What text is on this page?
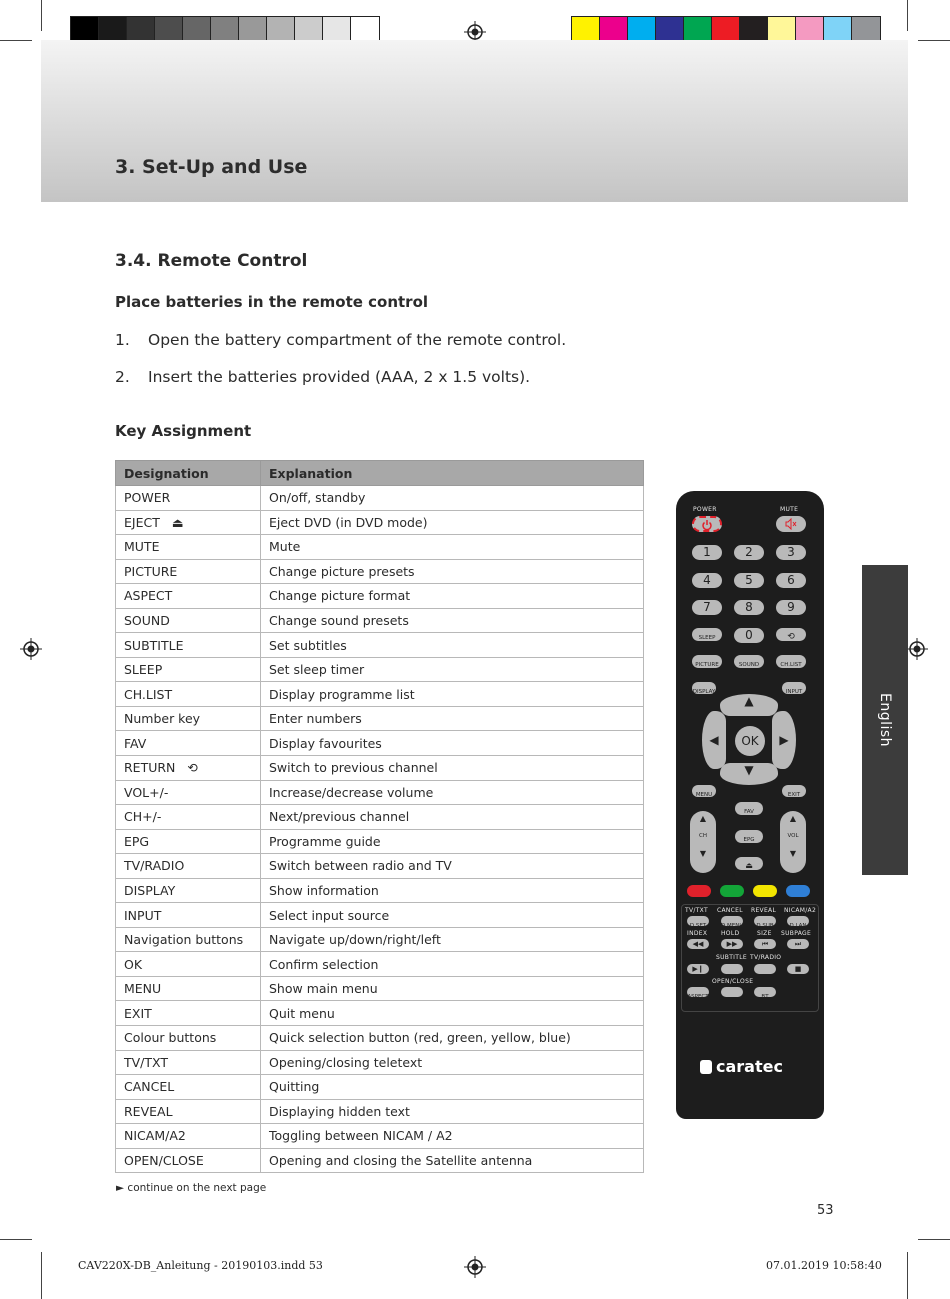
3. Set-Up and Use
3.4. Remote Control
Place batteries in the remote control
1. Open the battery compartment of the remote control.
2. Insert the batteries provided (AAA, 2 x 1.5 volts).
Key Assignment
Designation	Explanation
POWER	On/off, standby
EJECT ⏏	Eject DVD (in DVD mode)
MUTE	Mute
PICTURE	Change picture presets
ASPECT	Change picture format
SOUND	Change sound presets
SUBTITLE	Set subtitles
SLEEP	Set sleep timer
CH.LIST	Display programme list
Number key	Enter numbers
FAV	Display favourites
RETURN ⟲	Switch to previous channel
VOL+/-	Increase/decrease volume
CH+/-	Next/previous channel
EPG	Programme guide
TV/RADIO	Switch between radio and TV
DISPLAY	Show information
INPUT	Select input source
Navigation buttons	Navigate up/down/right/left
OK	Confirm selection
MENU	Show main menu
EXIT	Quit menu
Colour buttons	Quick selection button (red, green, yellow, blue)
TV/TXT	Opening/closing teletext
CANCEL	Quitting
REVEAL	Displaying hidden text
NICAM/A2	Toggling between NICAM / A2
OPEN/CLOSE	Opening and closing the Satellite antenna
► continue on the next page
53
English
CAV220X-DB_Anleitung - 20190103.indd 53	07.01.2019 10:58:40
POWER	MUTE
1	2	3
4	5	6
7	8	9
0
SLEEP	⟲
PICTURE	SOUND	CH.LIST
DISPLAY	INPUT
▲
▼
◀	▶
OK
MENU	EXIT
▲
CH
▼
▲
VOL
▼
FAV
EPG
⏏
TV/TXT CANCEL REVEAL NICAM/A2
D.SET	D.MENU	D.SUB	D.LAN
INDEX HOLD	SIZE SUBPAGE
◀◀	▶▶	⏮	⏭
SUBTITLE TV/RADIO
▶❙	■
OPEN/CLOSE
ASPECT	BT
caratec
